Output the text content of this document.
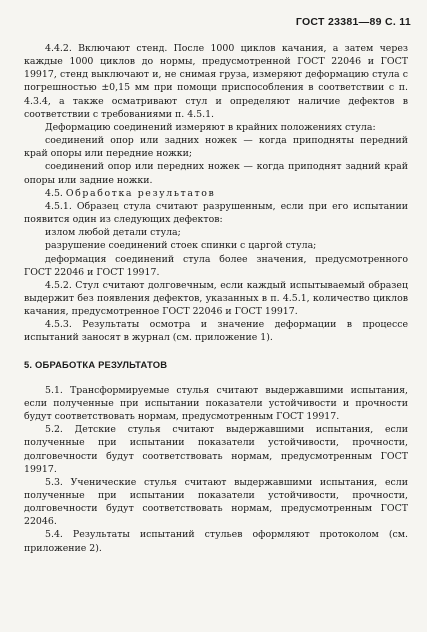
ГОСТ 23381—89 С. 11

4.4.2. Включают стенд. После 1000 циклов качания, а затем через каждые 1000 циклов до нормы, предусмотренной ГОСТ 22046 и ГОСТ 19917, стенд выключают и, не снимая груза, измеряют деформацию стула с погрешностью ±0,15 мм при помощи приспособления в соответствии с п. 4.3.4, а также осматривают стул и определяют наличие дефектов в соответствии с требованиями п. 4.5.1.

Деформацию соединений измеряют в крайних положениях стула:

соединений опор или задних ножек — когда приподняты передний край опоры или передние ножки;

соединений опор или передних ножек — когда приподнят задний край опоры или задние ножки.

4.5. Обработка результатов

4.5.1. Образец стула считают разрушенным, если при его испытании появится один из следующих дефектов:

излом любой детали стула;

разрушение соединений стоек спинки с царгой стула;

деформация соединений стула более значения, предусмотренного ГОСТ 22046 и ГОСТ 19917.

4.5.2. Стул считают долговечным, если каждый испытываемый образец выдержит без появления дефектов, указанных в п. 4.5.1, количество циклов качания, предусмотренное ГОСТ 22046 и ГОСТ 19917.

4.5.3. Результаты осмотра и значение деформации в процессе испытаний заносят в журнал (см. приложение 1).

5. ОБРАБОТКА РЕЗУЛЬТАТОВ

5.1. Трансформируемые стулья считают выдержавшими испытания, если полученные при испытании показатели устойчивости и прочности будут соответствовать нормам, предусмотренным ГОСТ 19917.

5.2. Детские стулья считают выдержавшими испытания, если полученные при испытании показатели устойчивости, прочности, долговечности будут соответствовать нормам, предусмотренным ГОСТ 19917.

5.3. Ученические стулья считают выдержавшими испытания, если полученные при испытании показатели устойчивости, прочности, долговечности будут соответствовать нормам, предусмотренным ГОСТ 22046.

5.4. Результаты испытаний стульев оформляют протоколом (см. приложение 2).
